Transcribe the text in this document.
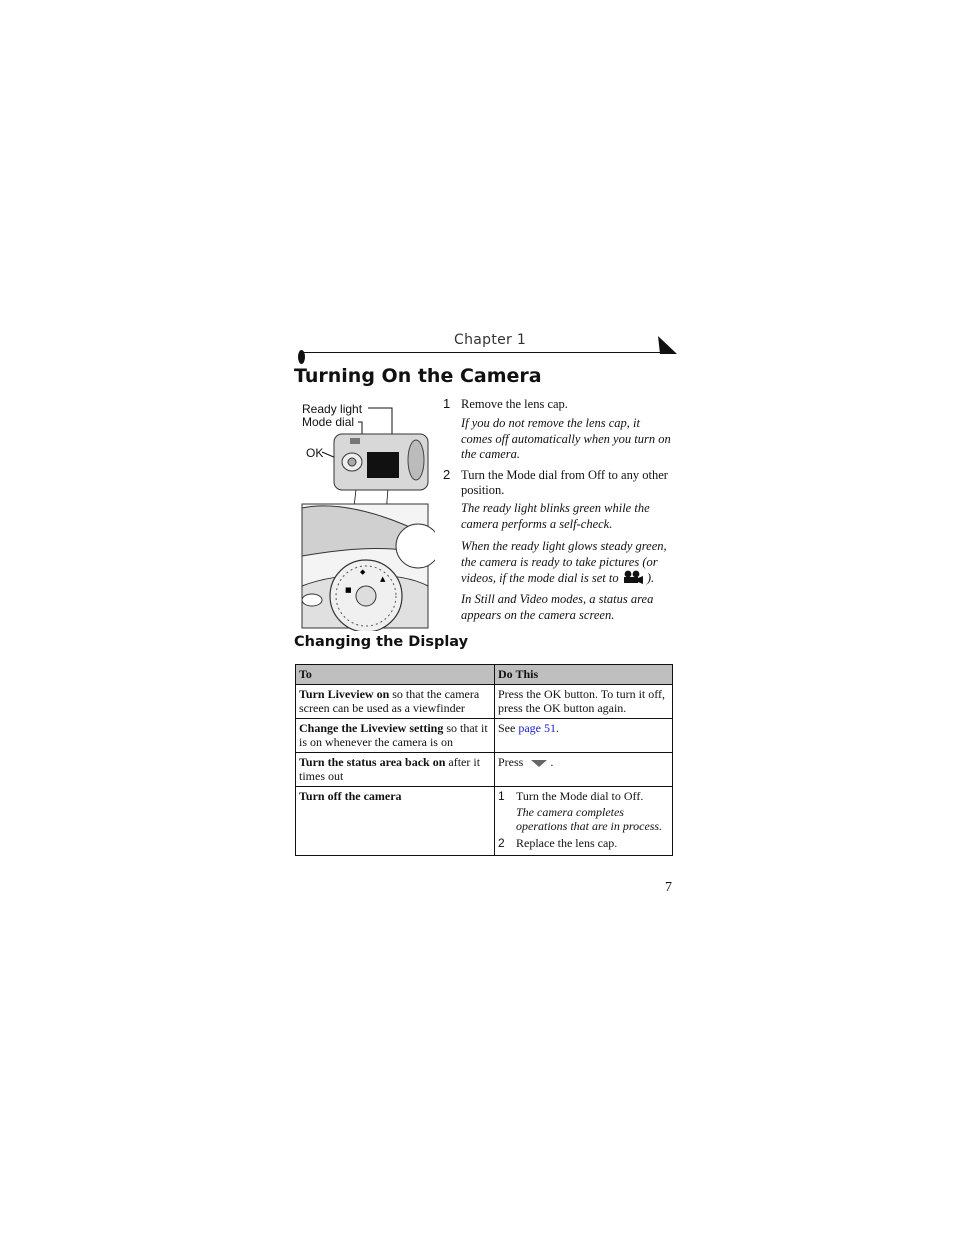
Chapter 1
Turning On the Camera
Ready light
Mode dial
OK
◆
▲
■
1 Remove the lens cap.
If you do not remove the lens cap, it comes off automatically when you turn on the camera.
2 Turn the Mode dial from Off to any other position.
The ready light blinks green while the camera performs a self-check.
When the ready light glows steady green, the camera is ready to take pictures (or videos, if the mode dial is set to ).
In Still and Video modes, a status area appears on the camera screen.
Changing the Display
To	Do This
Turn Liveview on so that the camera screen can be used as a viewfinder	Press the OK button. To turn it off, press the OK button again.
Change the Liveview setting so that it is on whenever the camera is on	See page 51.
Turn the status area back on after it times out	Press .
Turn off the camera	1 Turn the Mode dial to Off.
The camera completes operations that are in process.
2 Replace the lens cap.
7
